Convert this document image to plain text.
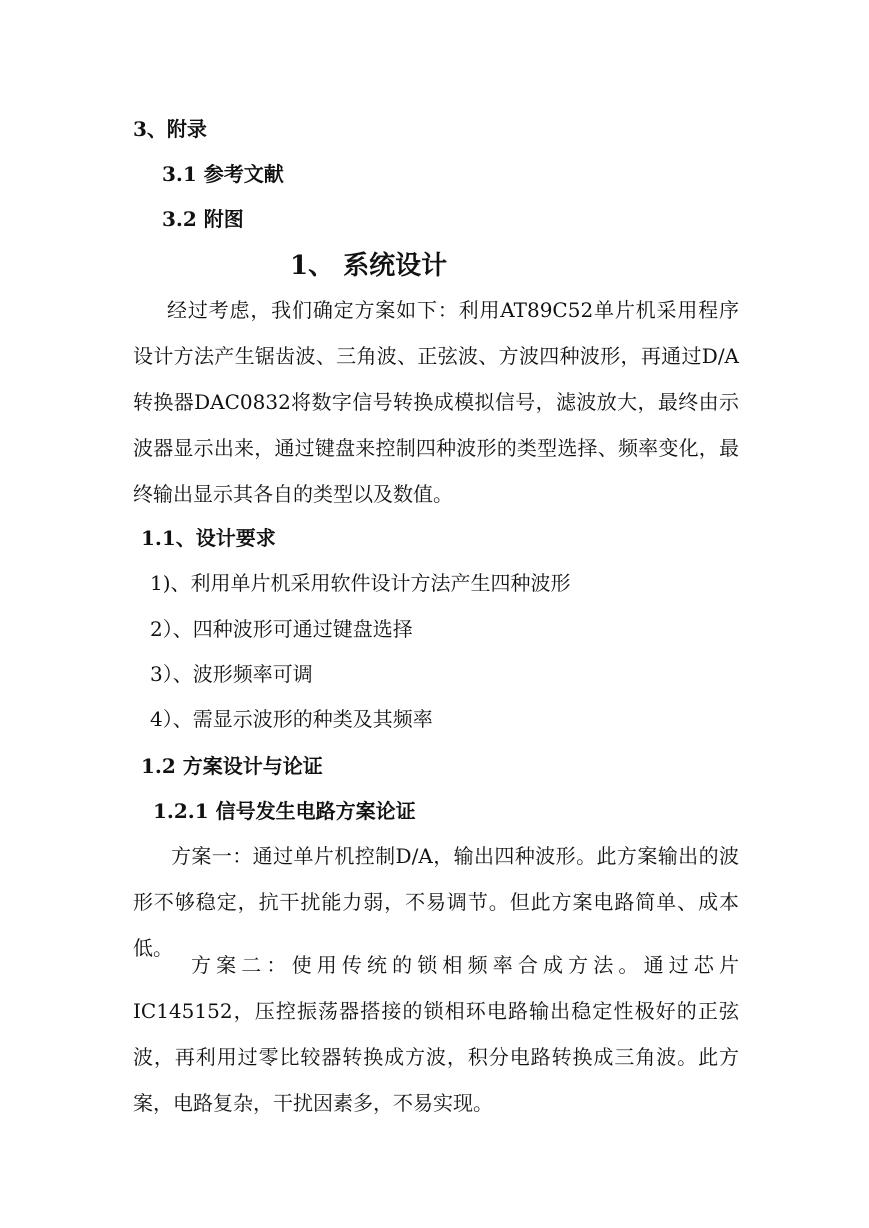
3、附录
3.1 参考文献
3.2 附图
1、 系统设计

经过考虑，我们确定方案如下：利用AT89C52单片机采用程序设计方法产生锯齿波、三角波、正弦波、方波四种波形，再通过D/A转换器DAC0832将数字信号转换成模拟信号，滤波放大，最终由示波器显示出来，通过键盘来控制四种波形的类型选择、频率变化，最终输出显示其各自的类型以及数值。

1.1、设计要求
1)、利用单片机采用软件设计方法产生四种波形
2）、四种波形可通过键盘选择
3）、波形频率可调
4）、需显示波形的种类及其频率
1.2 方案设计与论证
1.2.1 信号发生电路方案论证

方案一：通过单片机控制D/A，输出四种波形。此方案输出的波形不够稳定，抗干扰能力弱，不易调节。但此方案电路简单、成本低。

方案二：使用传统的锁相频率合成方法。通过芯片IC145152，压控振荡器搭接的锁相环电路输出稳定性极好的正弦波，再利用过零比较器转换成方波，积分电路转换成三角波。此方案，电路复杂，干扰因素多，不易实现。
